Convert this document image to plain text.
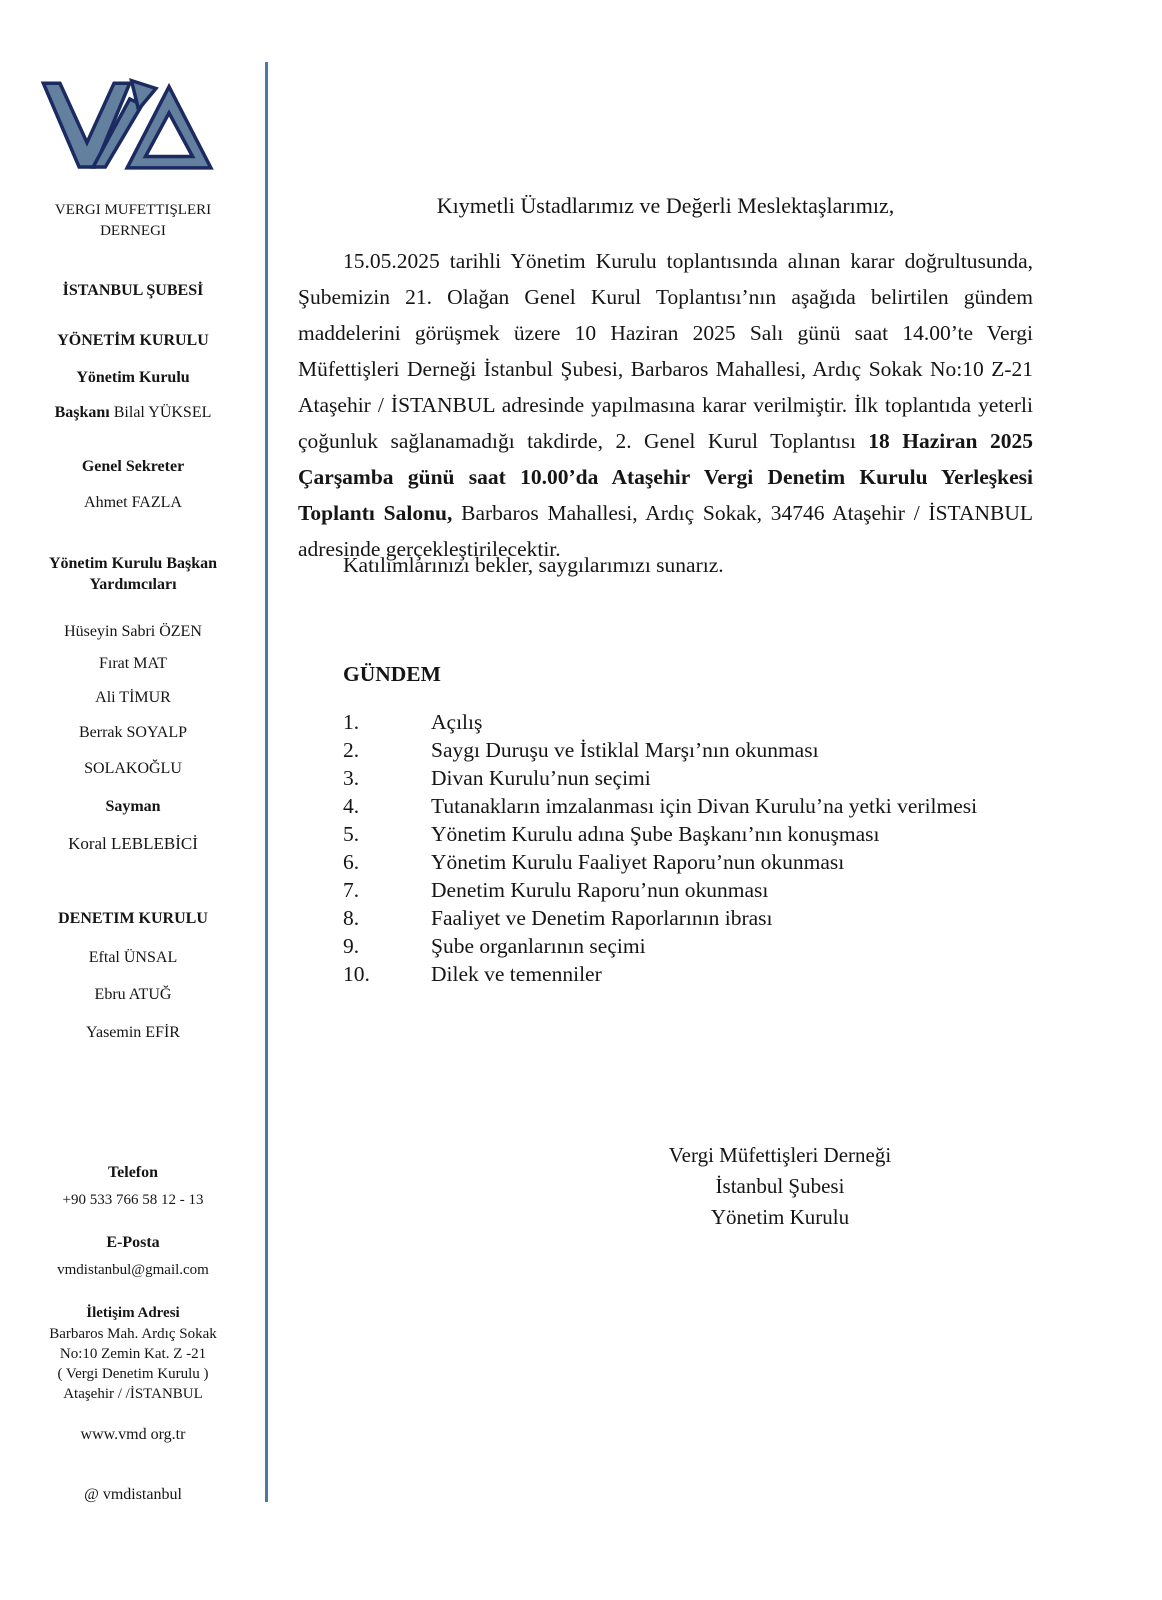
VERGI MUFETTIŞLERI
DERNEGI
İSTANBUL ŞUBESİ
YÖNETİM KURULU
Yönetim Kurulu
Başkanı Bilal YÜKSEL
Genel Sekreter
Ahmet FAZLA
Yönetim Kurulu Başkan
Yardımcıları
Hüseyin Sabri ÖZEN
Fırat MAT
Ali TİMUR
Berrak SOYALP
SOLAKOĞLU
Sayman
Koral LEBLEBİCİ
DENETIM KURULU
Eftal ÜNSAL
Ebru ATUĞ
Yasemin EFİR
Telefon
+90 533 766 58 12 - 13
E-Posta
vmdistanbul@gmail.com
İletişim Adresi
Barbaros Mah. Ardıç Sokak
No:10 Zemin Kat. Z -21
( Vergi Denetim Kurulu )
Ataşehir / /İSTANBUL
www.vmd org.tr
@ vmdistanbul
Kıymetli Üstadlarımız ve Değerli Meslektaşlarımız,

15.05.2025 tarihli Yönetim Kurulu toplantısında alınan karar doğrultusunda, Şubemizin 21. Olağan Genel Kurul Toplantısı’nın aşağıda belirtilen gündem maddelerini görüşmek üzere 10 Haziran 2025 Salı günü saat 14.00’te Vergi Müfettişleri Derneği İstanbul Şubesi, Barbaros Mahallesi, Ardıç Sokak No:10 Z-21 Ataşehir / İSTANBUL adresinde yapılmasına karar verilmiştir. İlk toplantıda yeterli çoğunluk sağlanamadığı takdirde, 2. Genel Kurul Toplantısı 18 Haziran 2025 Çarşamba günü saat 10.00’da Ataşehir Vergi Denetim Kurulu Yerleşkesi Toplantı Salonu, Barbaros Mahallesi, Ardıç Sokak, 34746 Ataşehir / İSTANBUL adresinde gerçekleştirilecektir.

Katılımlarınızı bekler, saygılarımızı sunarız.
GÜNDEM
1.	Açılış
2.	Saygı Duruşu ve İstiklal Marşı’nın okunması
3.	Divan Kurulu’nun seçimi
4.	Tutanakların imzalanması için Divan Kurulu’na yetki verilmesi
5.	Yönetim Kurulu adına Şube Başkanı’nın konuşması
6.	Yönetim Kurulu Faaliyet Raporu’nun okunması
7.	Denetim Kurulu Raporu’nun okunması
8.	Faaliyet ve Denetim Raporlarının ibrası
9.	Şube organlarının seçimi
10.	Dilek ve temenniler
Vergi Müfettişleri Derneği
İstanbul Şubesi
Yönetim Kurulu
